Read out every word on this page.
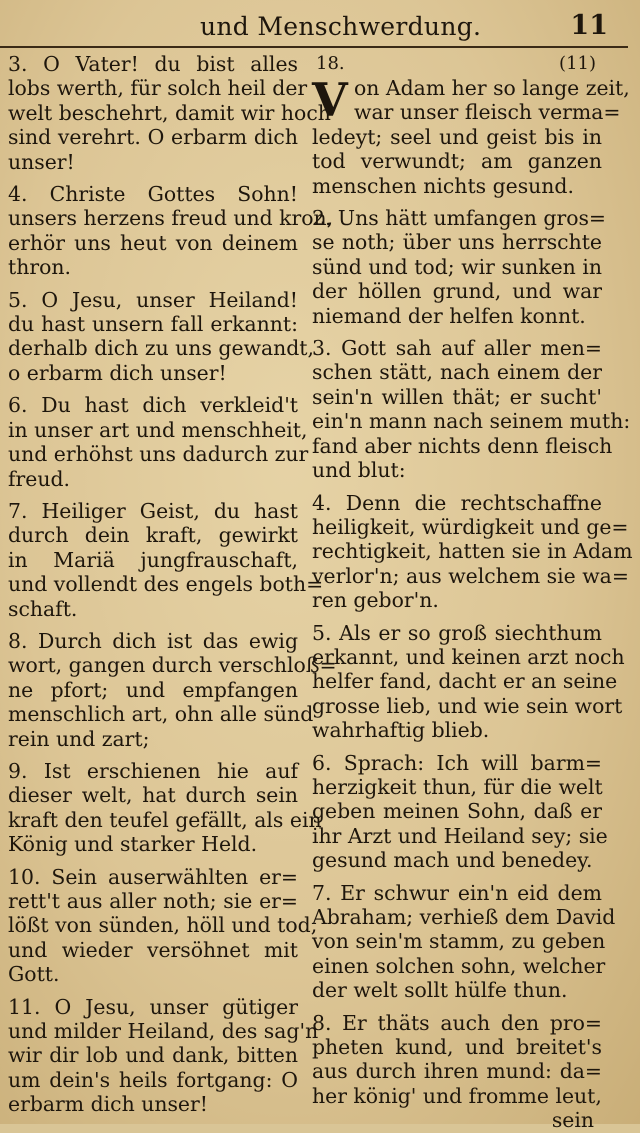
und Menschwerdung.	11
3. O Vater! du bist alles
lobs werth, für solch heil der
welt beschehrt, damit wir hoch
sind verehrt. O erbarm dich
unser!
4. Christe Gottes Sohn!
unsers herzens freud und kron,
erhör uns heut von deinem
thron.
5. O Jesu, unser Heiland!
du hast unsern fall erkannt:
derhalb dich zu uns gewandt,
o erbarm dich unser!
6. Du hast dich verkleid't
in unser art und menschheit,
und erhöhst uns dadurch zur
freud.
7. Heiliger Geist, du hast
durch dein kraft, gewirkt
in Mariä jungfrauschaft,
und vollendt des engels both=
schaft.
8. Durch dich ist das ewig
wort, gangen durch verschloß=
ne pfort; und empfangen
menschlich art, ohn alle sünd
rein und zart;
9. Ist erschienen hie auf
dieser welt, hat durch sein
kraft den teufel gefällt, als ein
König und starker Held.
10. Sein auserwählten er=
rett't aus aller noth; sie er=
lößt von sünden, höll und tod,
und wieder versöhnet mit
Gott.
11. O Jesu, unser gütiger
und milder Heiland, des sag'n
wir dir lob und dank, bitten
um dein's heils fortgang: O
erbarm dich unser!
18.	(11)
V on Adam her so lange zeit,
war unser fleisch verma=
ledeyt; seel und geist bis in
tod verwundt; am ganzen
menschen nichts gesund.
2. Uns hätt umfangen gros=
se noth; über uns herrschte
sünd und tod; wir sunken in
der höllen grund, und war
niemand der helfen konnt.
3. Gott sah auf aller men=
schen stätt, nach einem der
sein'n willen thät; er sucht'
ein'n mann nach seinem muth:
fand aber nichts denn fleisch
und blut:
4. Denn die rechtschaffne
heiligkeit, würdigkeit und ge=
rechtigkeit, hatten sie in Adam
verlor'n; aus welchem sie wa=
ren gebor'n.
5. Als er so groß siechthum
erkannt, und keinen arzt noch
helfer fand, dacht er an seine
grosse lieb, und wie sein wort
wahrhaftig blieb.
6. Sprach: Ich will barm=
herzigkeit thun, für die welt
geben meinen Sohn, daß er
ihr Arzt und Heiland sey; sie
gesund mach und benedey.
7. Er schwur ein'n eid dem
Abraham; verhieß dem David
von sein'm stamm, zu geben
einen solchen sohn, welcher
der welt sollt hülfe thun.
8. Er thäts auch den pro=
pheten kund, und breitet's
aus durch ihren mund: da=
her könig' und fromme leut,
sein
